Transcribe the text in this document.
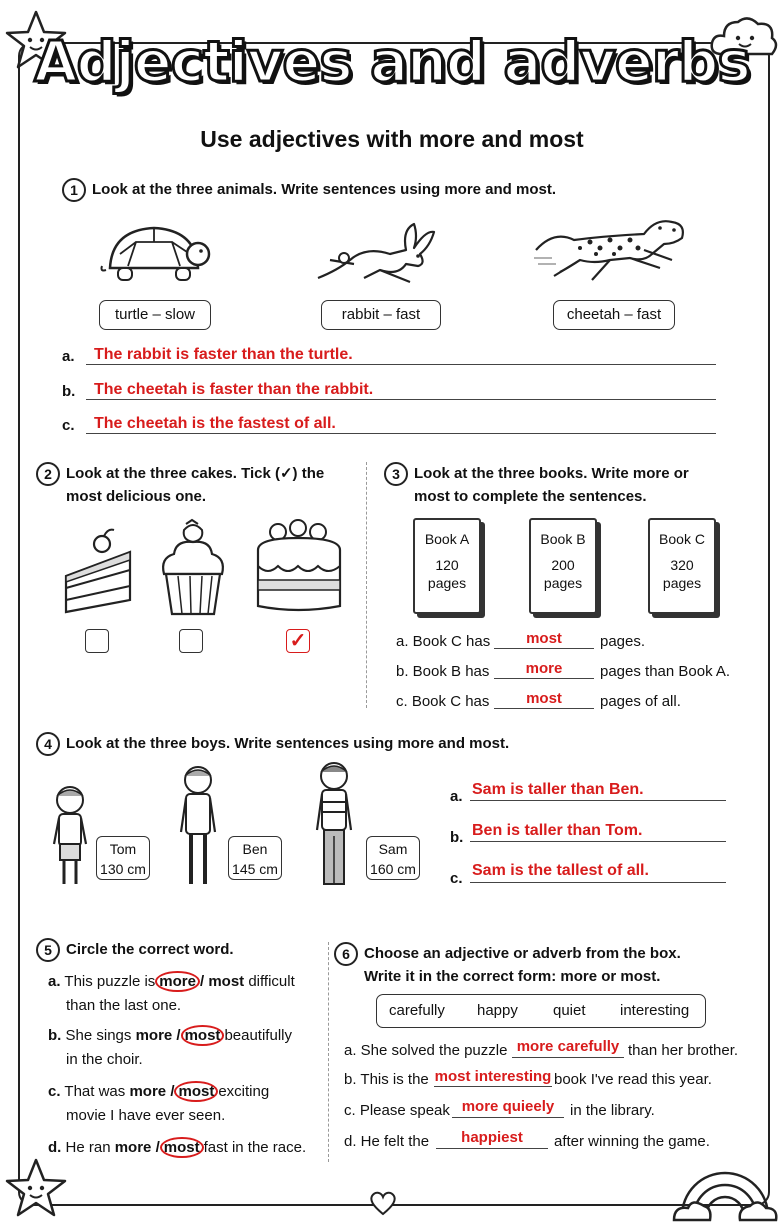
Adjectives and adverbs
Use adjectives with more and most
1 Look at the three animals. Write sentences using more and most.
turtle – slow	rabbit – fast	cheetah – fast
a. The rabbit is faster than the turtle.
b. The cheetah is faster than the rabbit.
c. The cheetah is the fastest of all.
2 Look at the three cakes. Tick (✓) the
most delicious one.
✓
3 Look at the three books. Write more or
most to complete the sentences.
Book A
120
pages
Book B
200
pages
Book C
320
pages
a. Book C has	most	pages.
b. Book B has	more	pages than Book A.
c. Book C has	most	pages of all.
4 Look at the three boys. Write sentences using more and most.
Tom
130 cm
Ben
145 cm
Sam
160 cm
a. Sam is taller than Ben.
b. Ben is taller than Tom.
c. Sam is the tallest of all.
5 Circle the correct word.
a. This puzzle is more / most difficult
than the last one.
b. She sings more / most beautifully
in the choir.
c. That was more / most exciting
movie I have ever seen.
d. He ran more / most fast in the race.
6 Choose an adjective or adverb from the box.
Write it in the correct form: more or most.
carefully happy quiet interesting
a. She solved the puzzle more carefully than her brother.
b. This is the most interesting book I've read this year.
c. Please speak more quieely	in the library.
d. He felt the	happiest	after winning the game.
